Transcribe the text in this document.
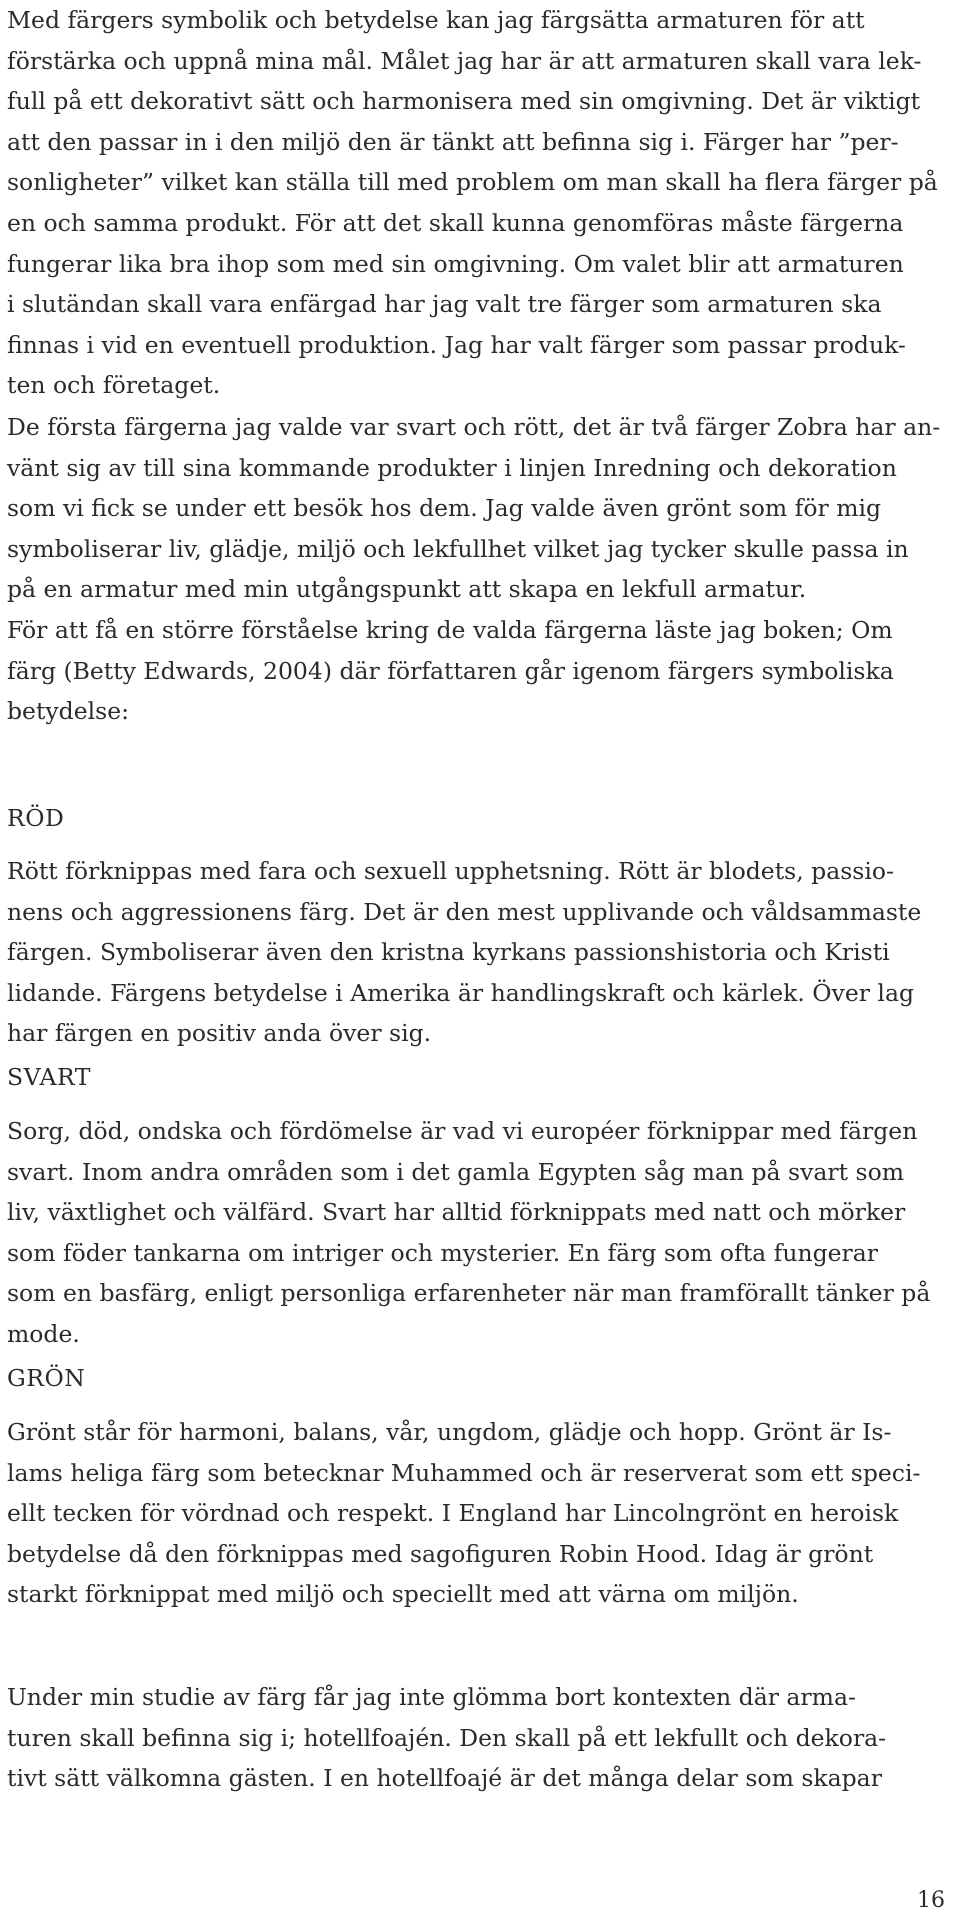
Med färgers symbolik och betydelse kan jag färgsätta armaturen för att
förstärka och uppnå mina mål. Målet jag har är att armaturen skall vara lek-
full på ett dekorativt sätt och harmonisera med sin omgivning. Det är viktigt
att den passar in i den miljö den är tänkt att befinna sig i. Färger har ”per-
sonligheter” vilket kan ställa till med problem om man skall ha flera färger på
en och samma produkt. För att det skall kunna genomföras måste färgerna
fungerar lika bra ihop som med sin omgivning. Om valet blir att armaturen
i slutändan skall vara enfärgad har jag valt tre färger som armaturen ska
finnas i vid en eventuell produktion. Jag har valt färger som passar produk-
ten och företaget.
De första färgerna jag valde var svart och rött, det är två färger Zobra har an-
vänt sig av till sina kommande produkter i linjen Inredning och dekoration
som vi fick se under ett besök hos dem. Jag valde även grönt som för mig
symboliserar liv, glädje, miljö och lekfullhet vilket jag tycker skulle passa in
på en armatur med min utgångspunkt att skapa en lekfull armatur.
För att få en större förståelse kring de valda färgerna läste jag boken; Om
färg (Betty Edwards, 2004) där författaren går igenom färgers symboliska
betydelse:
RÖD
Rött förknippas med fara och sexuell upphetsning. Rött är blodets, passio-
nens och aggressionens färg. Det är den mest upplivande och våldsammaste
färgen. Symboliserar även den kristna kyrkans passionshistoria och Kristi
lidande. Färgens betydelse i Amerika är handlingskraft och kärlek. Över lag
har färgen en positiv anda över sig.
SVART
Sorg, död, ondska och fördömelse är vad vi européer förknippar med färgen
svart. Inom andra områden som i det gamla Egypten såg man på svart som
liv, växtlighet och välfärd. Svart har alltid förknippats med natt och mörker
som föder tankarna om intriger och mysterier. En färg som ofta fungerar
som en basfärg, enligt personliga erfarenheter när man framförallt tänker på
mode.
GRÖN
Grönt står för harmoni, balans, vår, ungdom, glädje och hopp. Grönt är Is-
lams heliga färg som betecknar Muhammed och är reserverat som ett speci-
ellt tecken för vördnad och respekt. I England har Lincolngrönt en heroisk
betydelse då den förknippas med sagofiguren Robin Hood. Idag är grönt
starkt förknippat med miljö och speciellt med att värna om miljön.
Under min studie av färg får jag inte glömma bort kontexten där arma-
turen skall befinna sig i; hotellfoajén. Den skall på ett lekfullt och dekora-
tivt sätt välkomna gästen. I en hotellfoajé är det många delar som skapar
16
